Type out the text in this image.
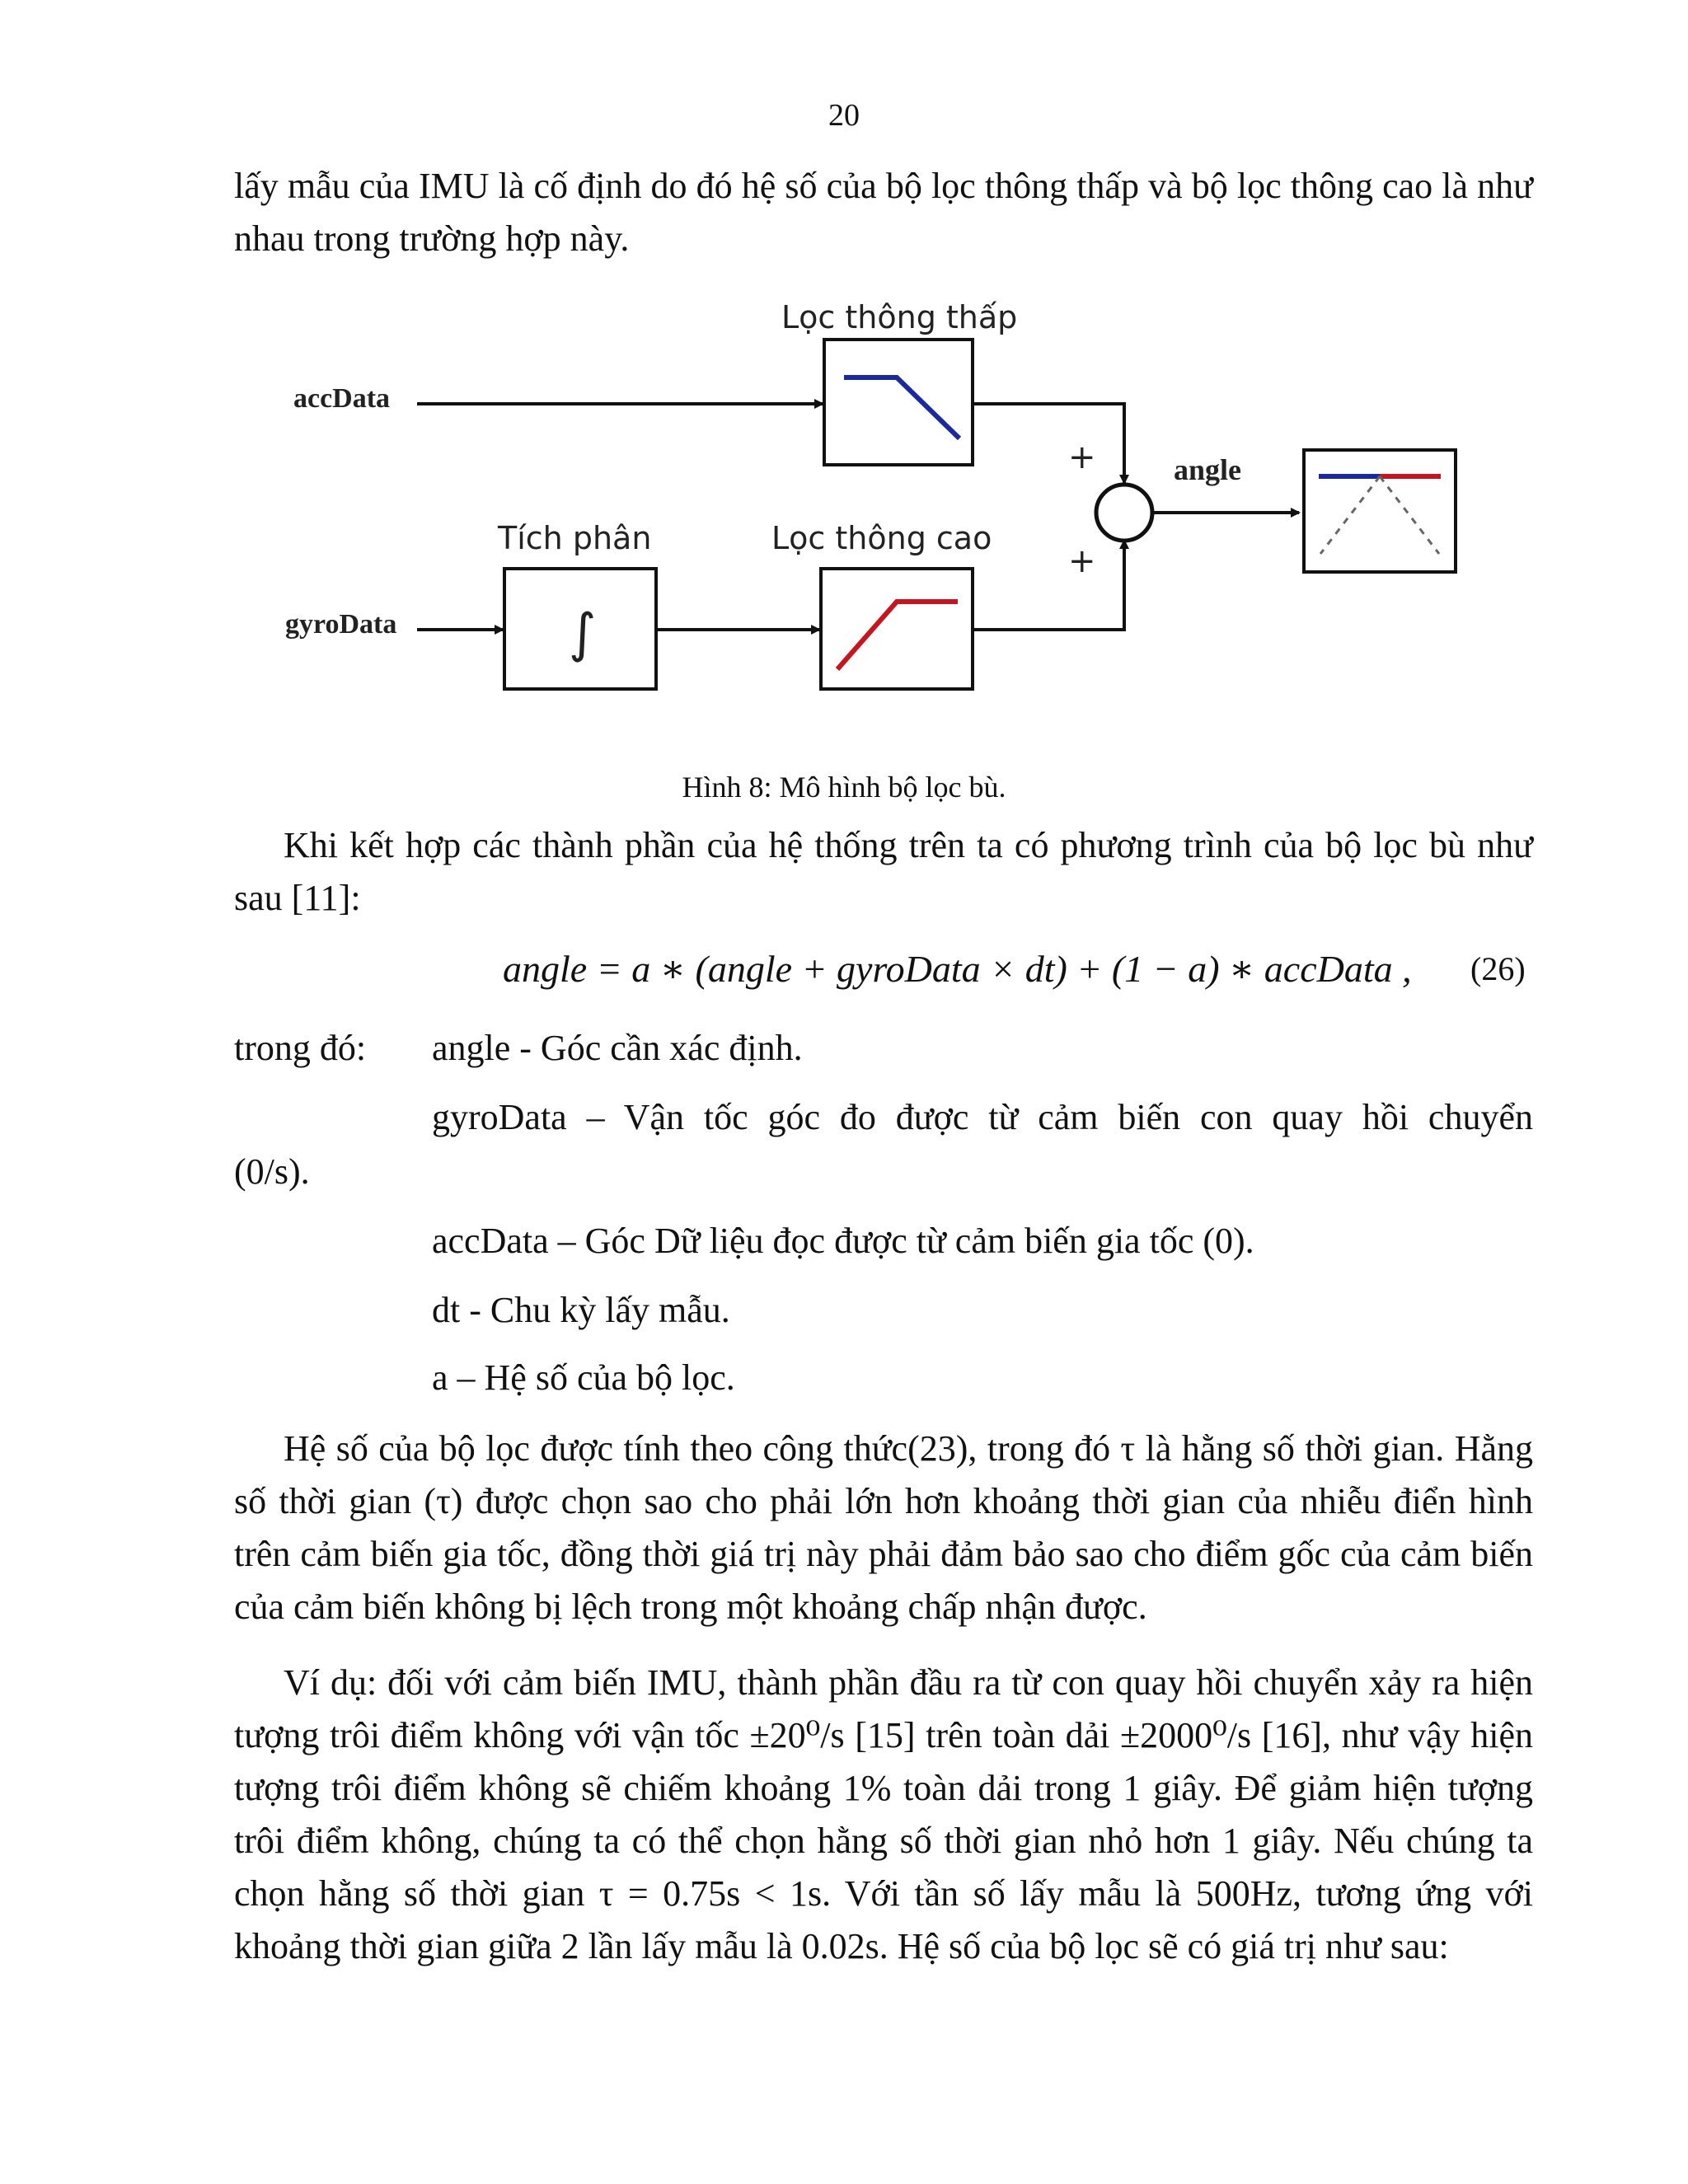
20

lấy mẫu của IMU là cố định do đó hệ số của bộ lọc thông thấp và bộ lọc thông cao là như nhau trong trường hợp này.

accData
gyroData
Lọc thông thấp
Tích phân
∫
Lọc thông cao
+
+
angle
Hình 8: Mô hình bộ lọc bù.

Khi kết hợp các thành phần của hệ thống trên ta có phương trình của bộ lọc bù như sau [11]:

angle = a ∗ (angle + gyroData × dt) + (1 − a) ∗ accData , (26)
trong đó: angle - Góc cần xác định.
gyroData – Vận tốc góc đo được từ cảm biến con quay hồi chuyển
(0/s).
accData – Góc Dữ liệu đọc được từ cảm biến gia tốc (0).
dt - Chu kỳ lấy mẫu.
a – Hệ số của bộ lọc.

Hệ số của bộ lọc được tính theo công thức(23), trong đó τ là hằng số thời gian. Hằng số thời gian (τ) được chọn sao cho phải lớn hơn khoảng thời gian của nhiễu điển hình trên cảm biến gia tốc, đồng thời giá trị này phải đảm bảo sao cho điểm gốc của cảm biến của cảm biến không bị lệch trong một khoảng chấp nhận được.

Ví dụ: đối với cảm biến IMU, thành phần đầu ra từ con quay hồi chuyển xảy ra hiện tượng trôi điểm không với vận tốc ±20⁰/s [15] trên toàn dải ±2000⁰/s [16], như vậy hiện tượng trôi điểm không sẽ chiếm khoảng 1% toàn dải trong 1 giây. Để giảm hiện tượng trôi điểm không, chúng ta có thể chọn hằng số thời gian nhỏ hơn 1 giây. Nếu chúng ta chọn hằng số thời gian τ = 0.75s < 1s. Với tần số lấy mẫu là 500Hz, tương ứng với khoảng thời gian giữa 2 lần lấy mẫu là 0.02s. Hệ số của bộ lọc sẽ có giá trị như sau:
